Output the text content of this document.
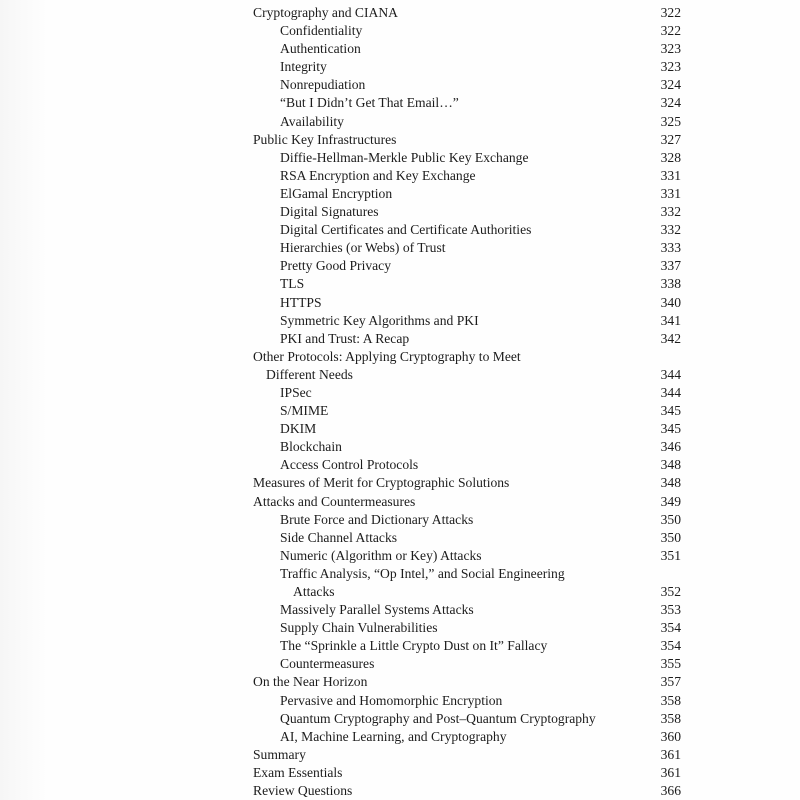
Cryptography and CIANA	322
Confidentiality	322
Authentication	323
Integrity	323
Nonrepudiation	324
“But I Didn’t Get That Email…”	324
Availability	325
Public Key Infrastructures	327
Diffie-Hellman-Merkle Public Key Exchange	328
RSA Encryption and Key Exchange	331
ElGamal Encryption	331
Digital Signatures	332
Digital Certificates and Certificate Authorities	332
Hierarchies (or Webs) of Trust	333
Pretty Good Privacy	337
TLS	338
HTTPS	340
Symmetric Key Algorithms and PKI	341
PKI and Trust: A Recap	342
Other Protocols: Applying Cryptography to Meet
Different Needs	344
IPSec	344
S/MIME	345
DKIM	345
Blockchain	346
Access Control Protocols	348
Measures of Merit for Cryptographic Solutions	348
Attacks and Countermeasures	349
Brute Force and Dictionary Attacks	350
Side Channel Attacks	350
Numeric (Algorithm or Key) Attacks	351
Traffic Analysis, “Op Intel,” and Social Engineering
Attacks	352
Massively Parallel Systems Attacks	353
Supply Chain Vulnerabilities	354
The “Sprinkle a Little Crypto Dust on It” Fallacy	354
Countermeasures	355
On the Near Horizon	357
Pervasive and Homomorphic Encryption	358
Quantum Cryptography and Post–Quantum Cryptography	358
AI, Machine Learning, and Cryptography	360
Summary	361
Exam Essentials	361
Review Questions	366
